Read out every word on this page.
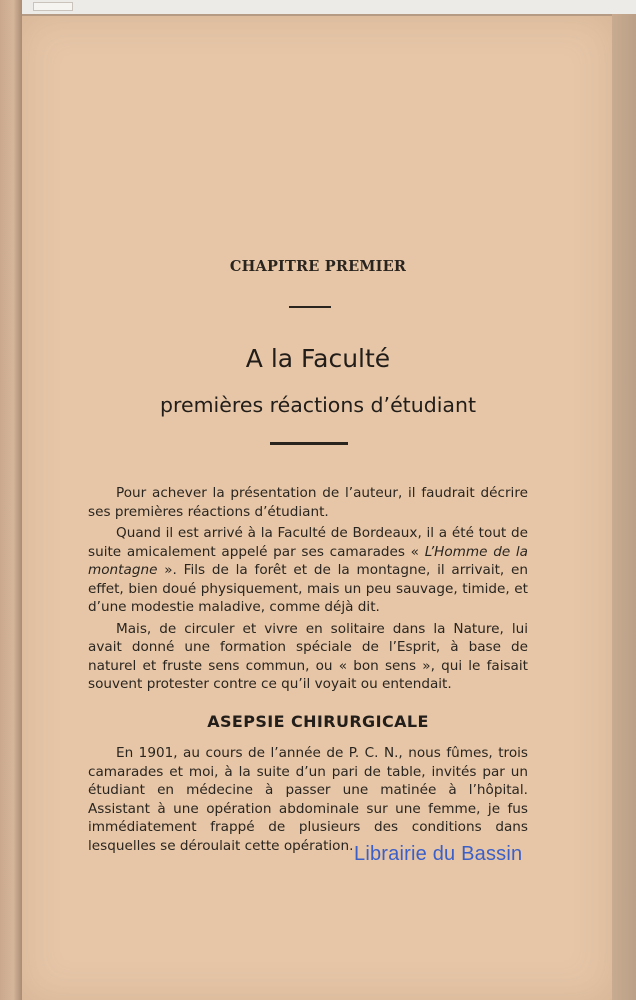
CHAPITRE PREMIER
A la Faculté
premières réactions d’étudiant

Pour achever la présentation de l’auteur, il faudrait décrire ses premières réactions d’étudiant.

Quand il est arrivé à la Faculté de Bordeaux, il a été tout de suite amicalement appelé par ses camarades « L’Homme de la montagne ». Fils de la forêt et de la montagne, il arrivait, en effet, bien doué physiquement, mais un peu sauvage, timide, et d’une modestie maladive, comme déjà dit.

Mais, de circuler et vivre en solitaire dans la Nature, lui avait donné une formation spéciale de l’Esprit, à base de naturel et fruste sens commun, ou « bon sens », qui le faisait souvent protester contre ce qu’il voyait ou entendait.

ASEPSIE CHIRURGICALE

En 1901, au cours de l’année de P. C. N., nous fûmes, trois camarades et moi, à la suite d’un pari de table, invités par un étudiant en médecine à passer une matinée à l’hôpital. Assistant à une opération abdominale sur une femme, je fus immédiatement frappé de plusieurs des conditions dans lesquelles se déroulait cette opération. Librairie du Bassin
